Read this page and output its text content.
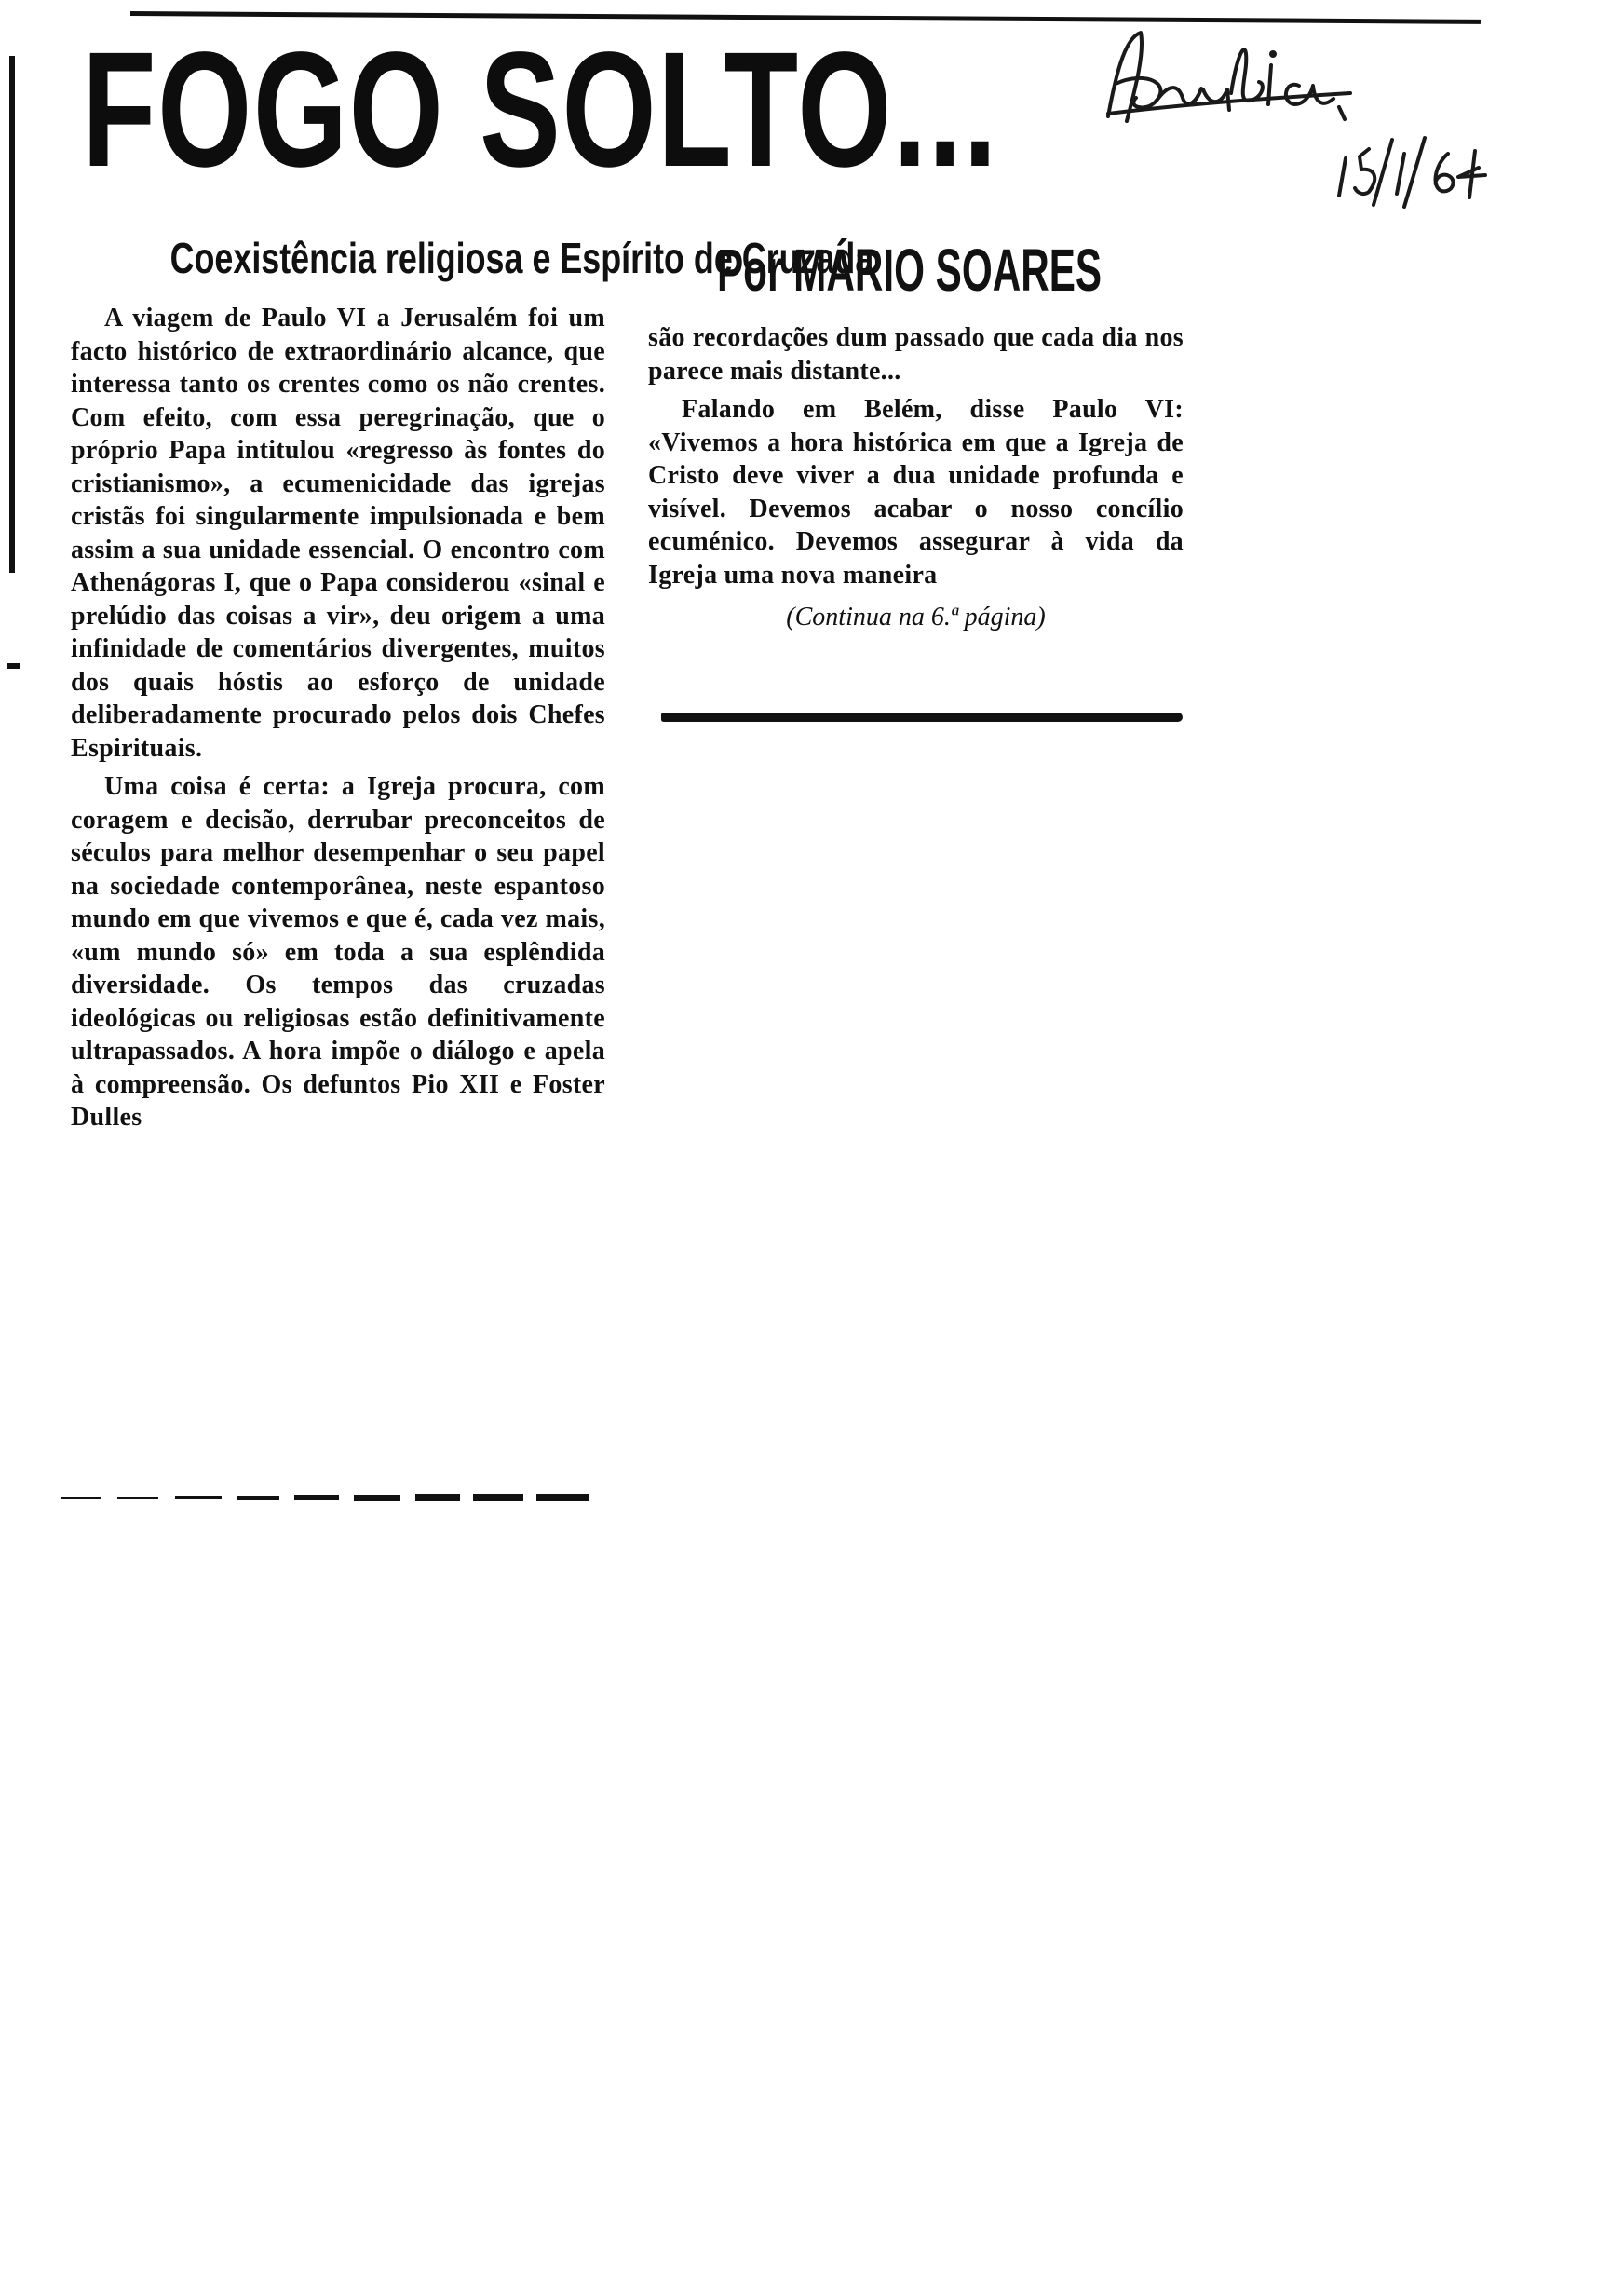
FOGO SOLTO...
Por MÁRIO SOARES
Coexistência religiosa e Espírito de Cruzada

A viagem de Paulo VI a Jerusalém foi um facto histórico de extraordinário alcance, que interessa tanto os crentes como os não crentes. Com efeito, com essa peregrinação, que o próprio Papa intitulou «regresso às fontes do cristianismo», a ecumenicidade das igrejas cristãs foi singularmente impulsionada e bem assim a sua unidade essencial. O encontro com Athenágoras I, que o Papa considerou «sinal e prelúdio das coisas a vir», deu origem a uma infinidade de comentários divergentes, muitos dos quais hóstis ao esforço de unidade deliberadamente procurado pelos dois Chefes Espirituais.

Uma coisa é certa: a Igreja procura, com coragem e decisão, derrubar preconceitos de séculos para melhor desempenhar o seu papel na sociedade contemporânea, neste espantoso mundo em que vivemos e que é, cada vez mais, «um mundo só» em toda a sua esplêndida diversidade. Os tempos das cruzadas ideológicas ou religiosas estão definitivamente ultrapassados. A hora impõe o diálogo e apela à compreensão. Os defuntos Pio XII e Foster Dulles

são recordações dum passado que cada dia nos parece mais distante...

Falando em Belém, disse Paulo VI: «Vivemos a hora histórica em que a Igreja de Cristo deve viver a dua unidade profunda e visível. Devemos acabar o nosso concílio ecuménico. Devemos assegurar à vida da Igreja uma nova maneira

(Continua na 6.ª página)
